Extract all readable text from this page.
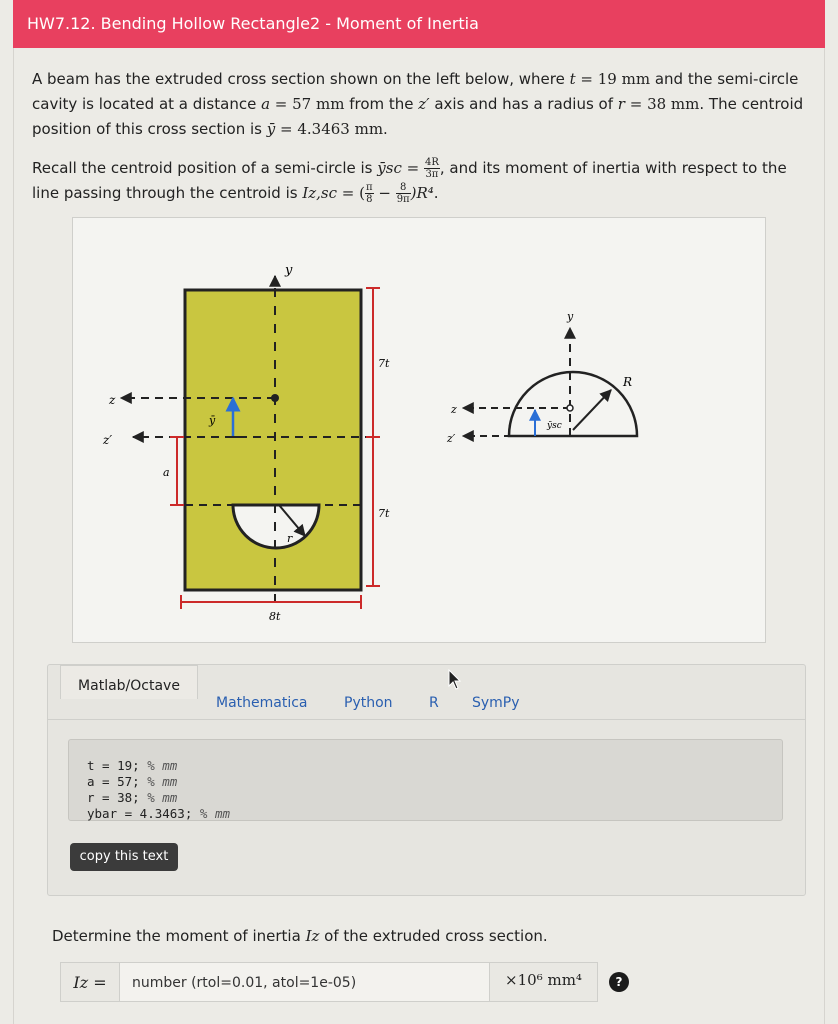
HW7.12. Bending Hollow Rectangle2 - Moment of Inertia
A beam has the extruded cross section shown on the left below, where t = 19 mm and the semi-circle cavity is located at a distance a = 57 mm from the z′ axis and has a radius of r = 38 mm. The centroid position of this cross section is ȳ = 4.3463 mm.
Recall the centroid position of a semi-circle is ȳsc = $\frac{4R}{3\pi}$ , and its moment of inertia with respect to the line passing through the centroid is Iz,sc = ( $\frac{\pi}{8} - \frac{8}{9\pi} )R^4$.
y
z
z′
ȳ
a
r
7t
7t
8t
y
z
z′
ȳsc
R
Matlab/Octave
Mathematica	Python	R SymPy
t = 19; % mm
a = 57; % mm
r = 38; % mm
ybar = 4.3463; % mm
copy this text
Determine the moment of inertia Iz of the extruded cross section.
Iz =	number (rtol=0.01, atol=1e-05)	×10⁶ mm⁴	?
